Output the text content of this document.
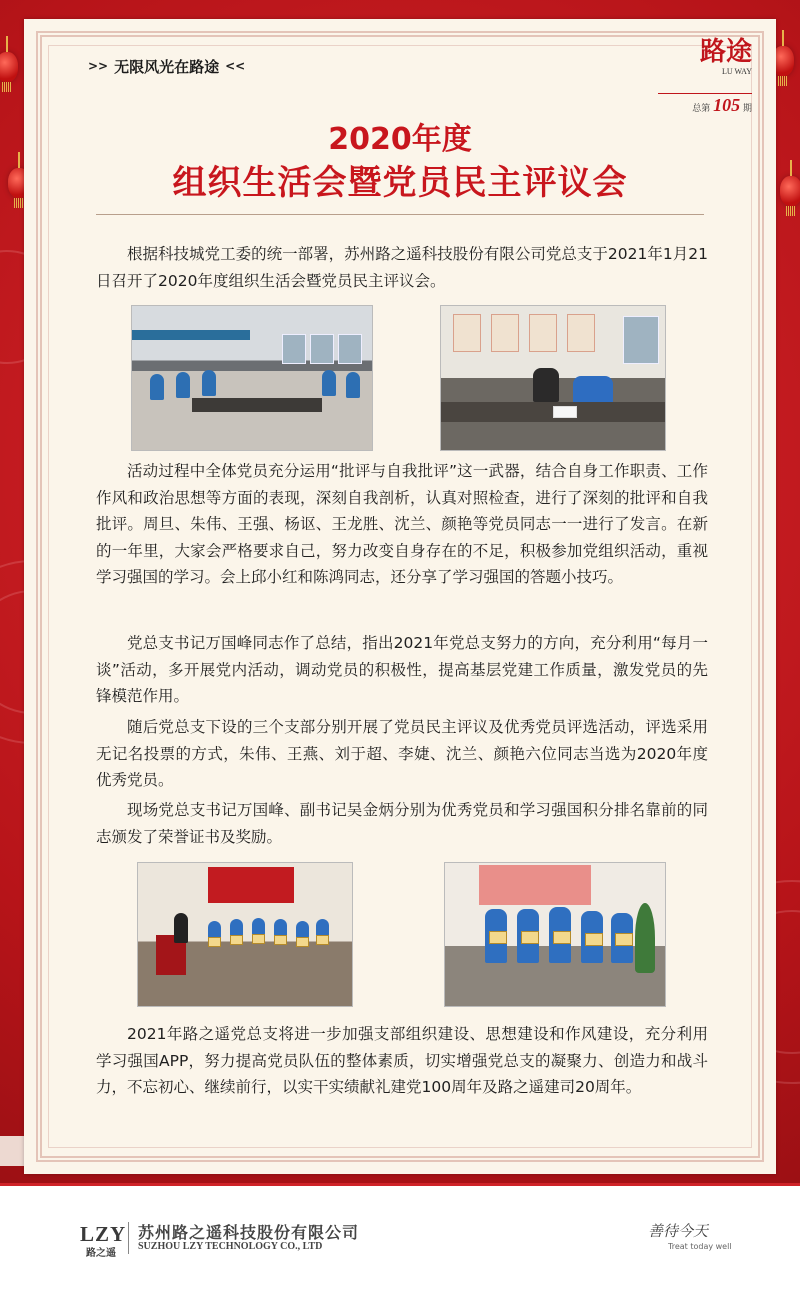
>> 无限风光在路途 <<	路途
LU WAY
总第 105 期
2020年度
组织生活会暨党员民主评议会
根据科技城党工委的统一部署，苏州路之遥科技股份有限公司党总支于2021年1月21日召开了2020年度组织生活会暨党员民主评议会。
活动过程中全体党员充分运用“批评与自我批评”这一武器，结合自身工作职责、工作作风和政治思想等方面的表现，深刻自我剖析，认真对照检查，进行了深刻的批评和自我批评。周旦、朱伟、王强、杨讴、王龙胜、沈兰、颜艳等党员同志一一进行了发言。在新的一年里，大家会严格要求自己，努力改变自身存在的不足，积极参加党组织活动，重视学习强国的学习。会上邱小红和陈鸿同志，还分享了学习强国的答题小技巧。
党总支书记万国峰同志作了总结，指出2021年党总支努力的方向，充分利用“每月一谈”活动，多开展党内活动，调动党员的积极性，提高基层党建工作质量，激发党员的先锋模范作用。
随后党总支下设的三个支部分别开展了党员民主评议及优秀党员评选活动，评选采用无记名投票的方式，朱伟、王燕、刘于超、李婕、沈兰、颜艳六位同志当选为2020年度优秀党员。
现场党总支书记万国峰、副书记吴金炳分别为优秀党员和学习强国积分排名靠前的同志颁发了荣誉证书及奖励。
2021年路之遥党总支将进一步加强支部组织建设、思想建设和作风建设，充分利用学习强国APP，努力提高党员队伍的整体素质，切实增强党总支的凝聚力、创造力和战斗力，不忘初心、继续前行，以实干实绩献礼建党100周年及路之遥建司20周年。
LZY
路之遥
苏州路之遥科技股份有限公司
SUZHOU LZY TECHNOLOGY CO., LTD
善待今天
Treat today well
